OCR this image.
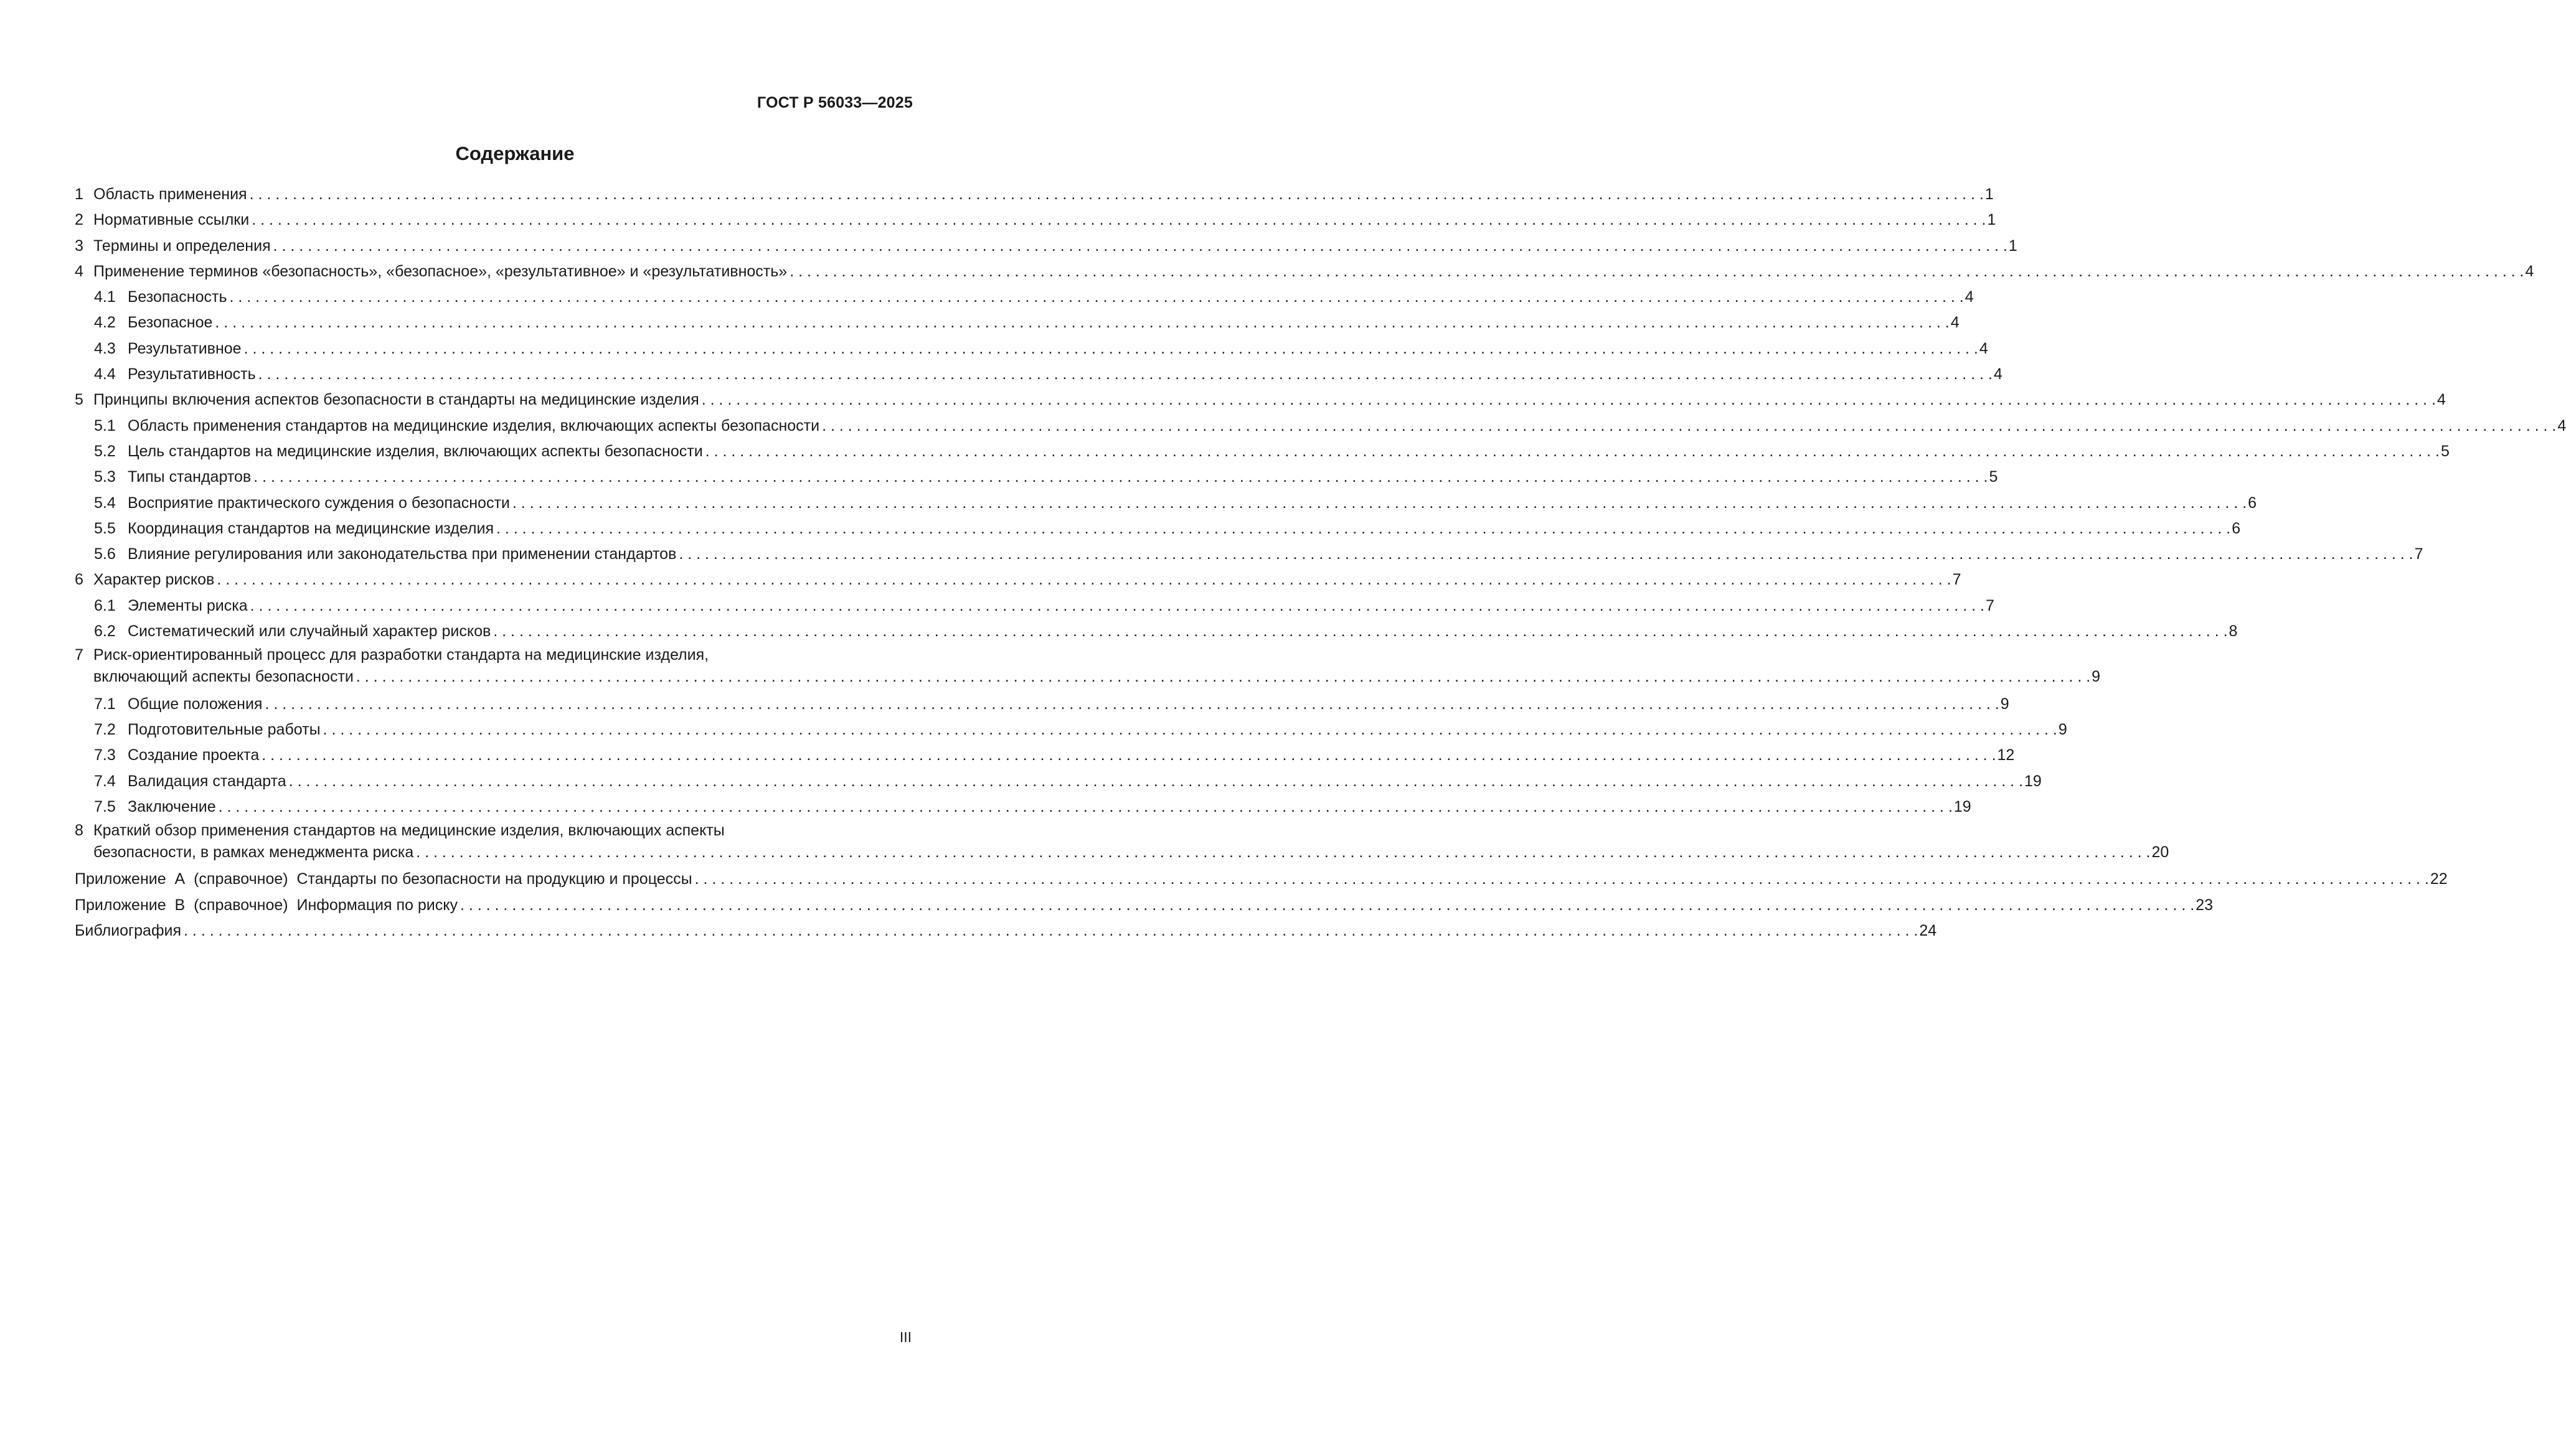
ГОСТ Р 56033—2025
Содержание
1 Область применения . . .	1
2 Нормативные ссылки . . .	1
3 Термины и определения . . .	1
4 Применение терминов «безопасность», «безопасное», «результативное» и «результативность» . . .	4
4.1 Безопасность . . .	4
4.2 Безопасное . . .	4
4.3 Результативное . . .	4
4.4 Результативность . . .	4
5 Принципы включения аспектов безопасности в стандарты на медицинские изделия . . .	4
5.1 Область применения стандартов на медицинские изделия, включающих аспекты безопасности . . .	4
5.2 Цель стандартов на медицинские изделия, включающих аспекты безопасности . . .	5
5.3 Типы стандартов . . .	5
5.4 Восприятие практического суждения о безопасности . . .	6
5.5 Координация стандартов на медицинские изделия . . .	6
5.6 Влияние регулирования или законодательства при применении стандартов . . .	7
6 Характер рисков . . .	7
6.1 Элементы риска . . .	7
6.2 Систематический или случайный характер рисков . . .	8
7 Риск-ориентированный процесс для разработки стандарта на медицинские изделия,
включающий аспекты безопасности . . .	9
7.1 Общие положения . . .	9
7.2 Подготовительные работы . . .	9
7.3 Создание проекта . . .	12
7.4 Валидация стандарта . . .	19
7.5 Заключение . . .	19
8 Краткий обзор применения стандартов на медицинские изделия, включающих аспекты
безопасности, в рамках менеджмента риска . . .	20
Приложение  А  (справочное)  Стандарты по безопасности на продукцию и процессы . . .	22
Приложение  В  (справочное)  Информация по риску . . .	23
Библиография . . .	24
III
